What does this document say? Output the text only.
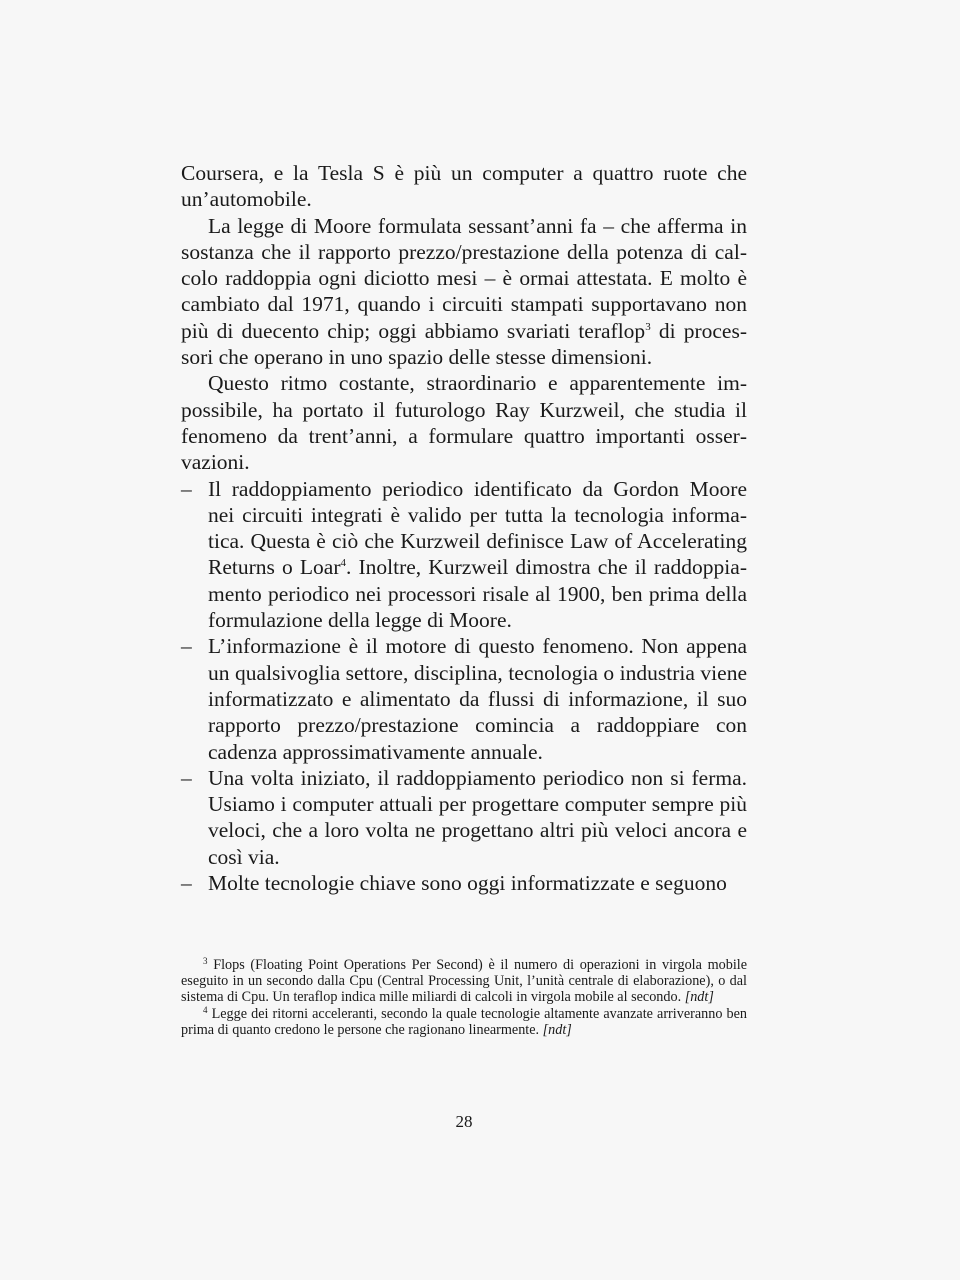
Coursera, e la Tesla S è più un computer a quattro ruote che un’automobile.

La legge di Moore formulata sessant’anni fa – che afferma in sostanza che il rapporto prezzo/prestazione della potenza di calcolo raddoppia ogni diciotto mesi – è ormai attestata. E molto è cambiato dal 1971, quando i circuiti stampati supportavano non più di duecento chip; oggi abbiamo svariati teraflop$^3$ di processori che operano in uno spazio delle stesse dimensioni.

Questo ritmo costante, straordinario e apparentemente impossibile, ha portato il futurologo Ray Kurzweil, che studia il fenomeno da trent’anni, a formulare quattro importanti osservazioni.

– Il raddoppiamento periodico identificato da Gordon Moore nei circuiti integrati è valido per tutta la tecnologia informatica. Questa è ciò che Kurzweil definisce Law of Accelerating Returns o Loar$^4$. Inoltre, Kurzweil dimostra che il raddoppiamento periodico nei processori risale al 1900, ben prima della formulazione della legge di Moore.
– L’informazione è il motore di questo fenomeno. Non appena un qualsivoglia settore, disciplina, tecnologia o industria viene informatizzato e alimentato da flussi di informazione, il suo rapporto prezzo/prestazione comincia a raddoppiare con cadenza approssimativamente annuale.
– Una volta iniziato, il raddoppiamento periodico non si ferma. Usiamo i computer attuali per progettare computer sempre più veloci, che a loro volta ne progettano altri più veloci ancora e così via.
– Molte tecnologie chiave sono oggi informatizzate e seguono

$^3$ Flops (Floating Point Operations Per Second) è il numero di operazioni in virgola mobile eseguito in un secondo dalla Cpu (Central Processing Unit, l’unità centrale di elaborazione), o dal sistema di Cpu. Un teraflop indica mille miliardi di calcoli in virgola mobile al secondo. [ndt]

$^4$ Legge dei ritorni acceleranti, secondo la quale tecnologie altamente avanzate arriveranno ben prima di quanto credono le persone che ragionano linearmente. [ndt]

28
